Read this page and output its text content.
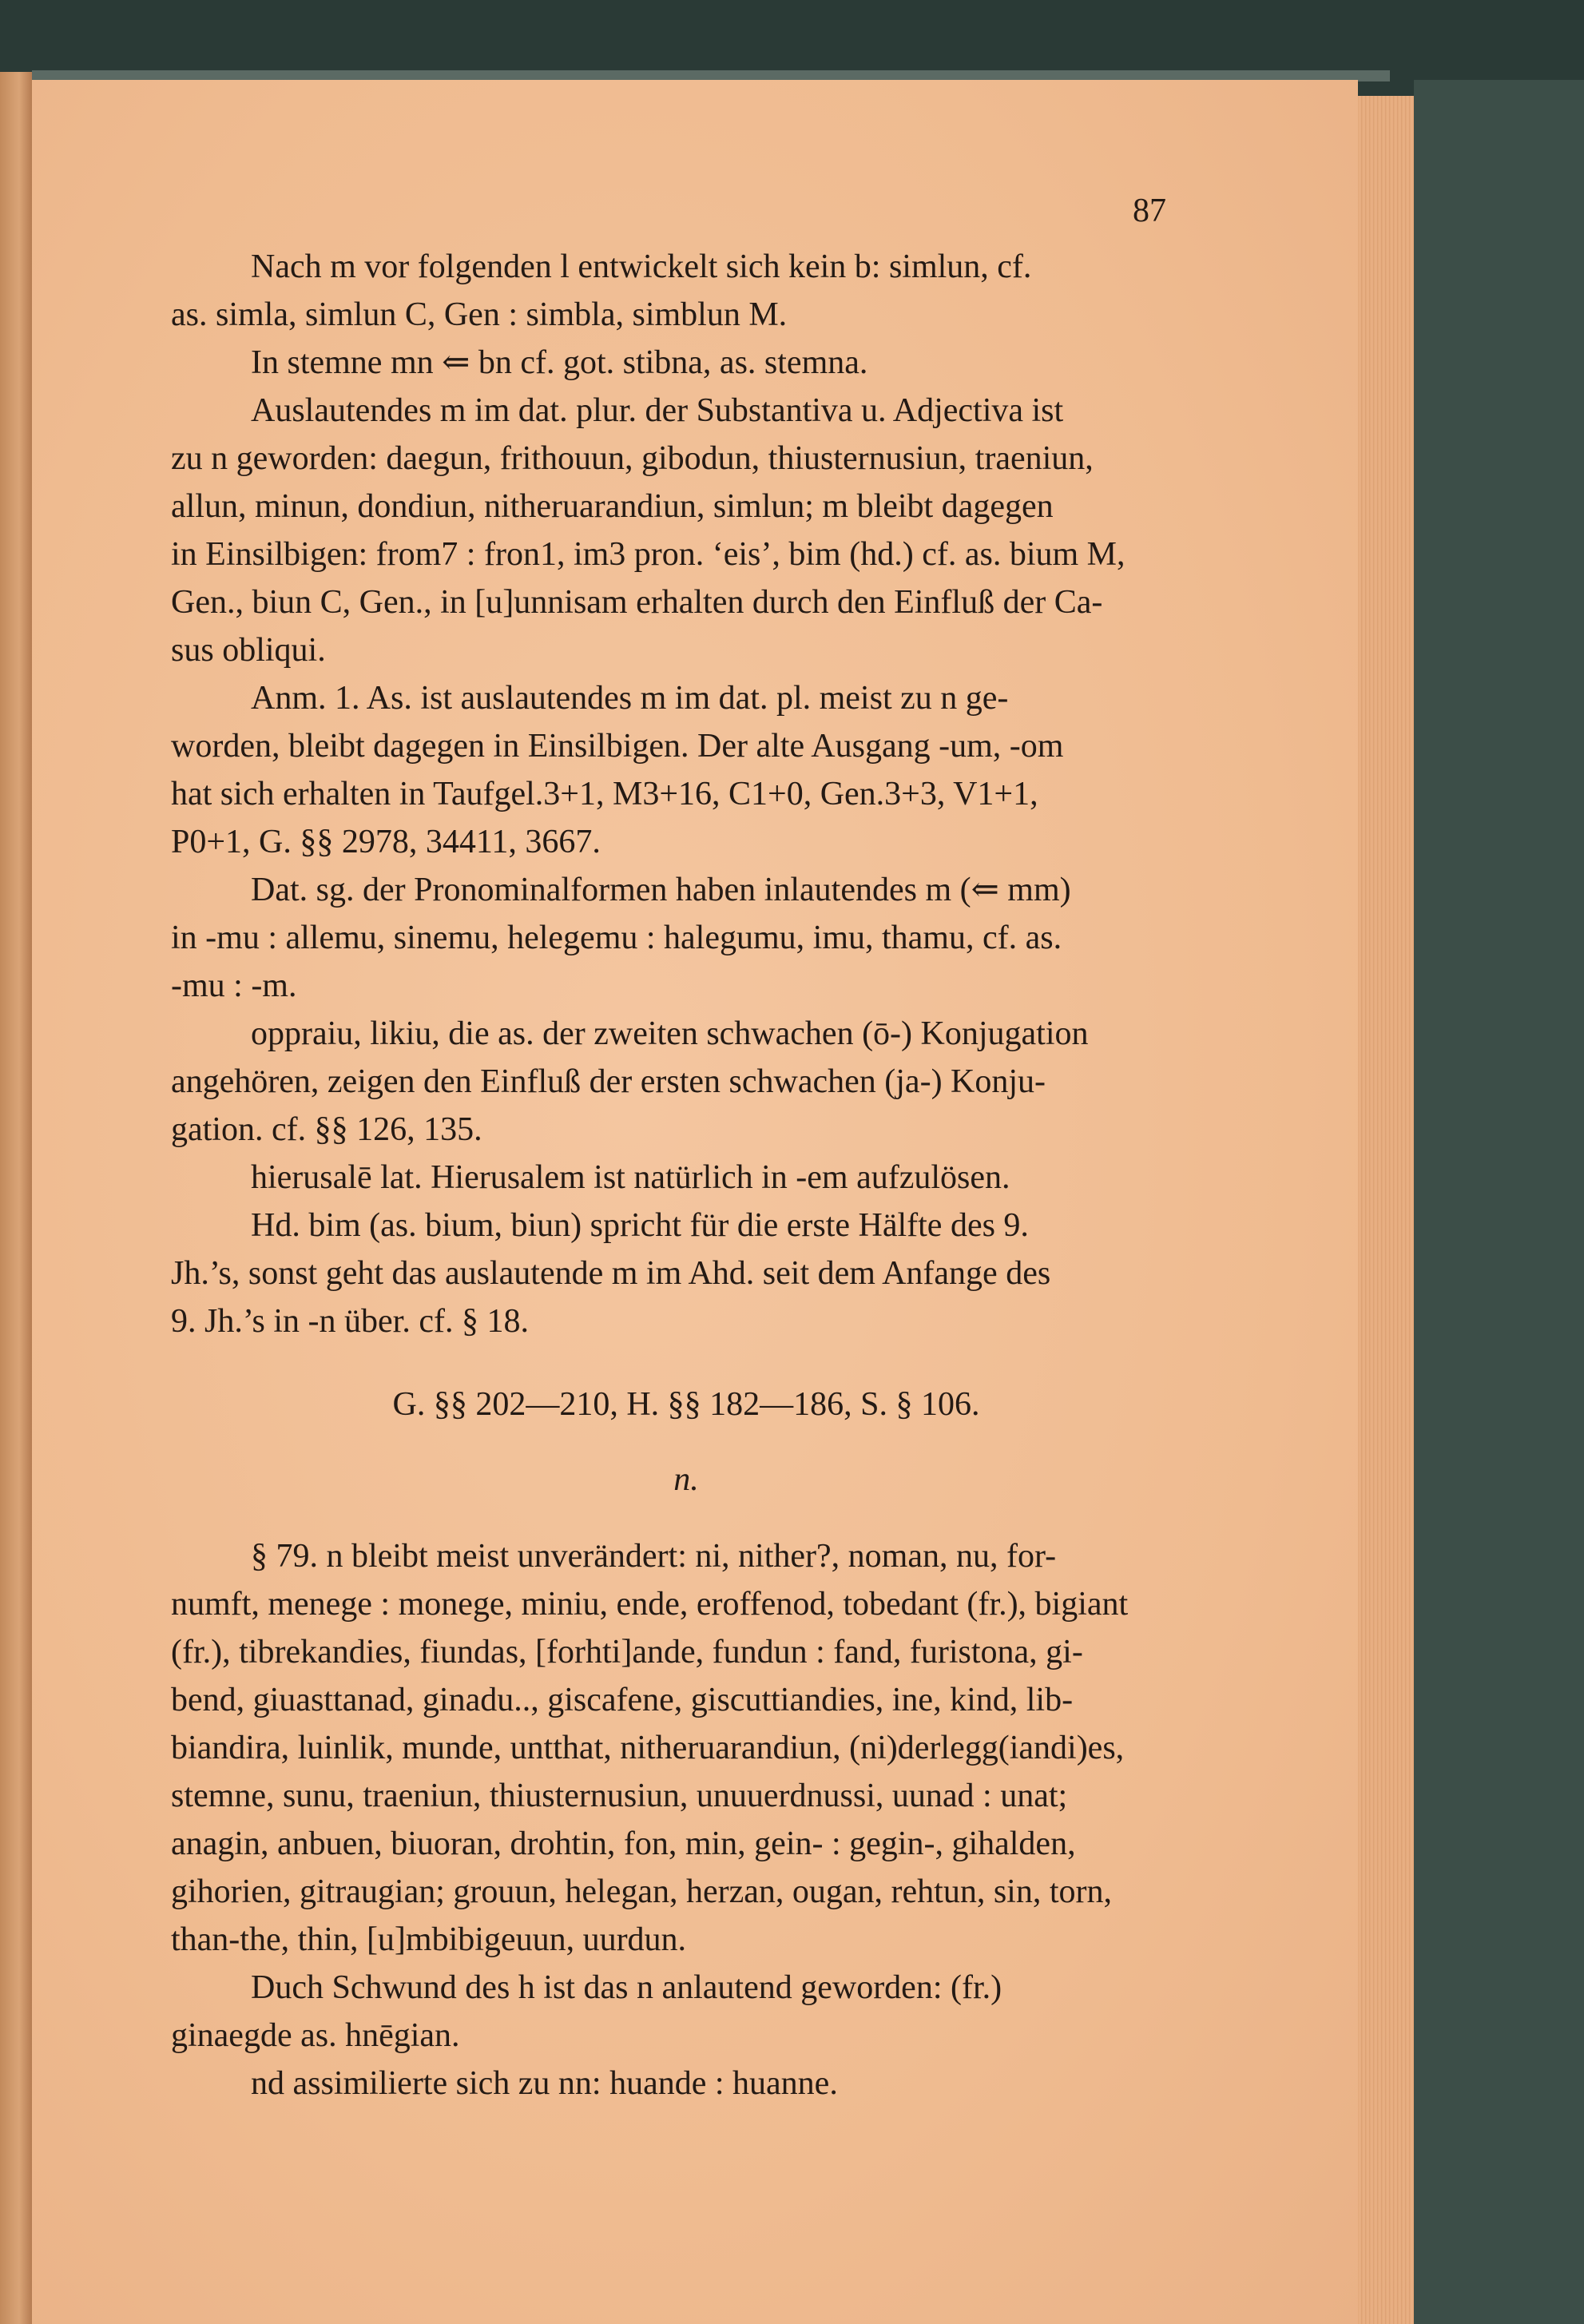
87

Nach m vor folgenden l entwickelt sich kein b: simlun, cf.

as. simla, simlun C, Gen : simbla, simblun M.

In stemne mn ⇐ bn cf. got. stibna, as. stemna.

Auslautendes m im dat. plur. der Substantiva u. Adjectiva ist

zu n geworden: daegun, frithouun, gibodun, thiusternusiun, traeniun,
allun, minun, dondiun, nitheruarandiun, simlun; m bleibt dagegen
in Einsilbigen: from7 : fron1, im3 pron. ‘eis’, bim (hd.) cf. as. bium M,
Gen., biun C, Gen., in [u]unnisam erhalten durch den Einfluß der Ca-
sus obliqui.

Anm. 1. As. ist auslautendes m im dat. pl. meist zu n ge-

worden, bleibt dagegen in Einsilbigen. Der alte Ausgang -um, -om
hat sich erhalten in Taufgel.3+1, M3+16, C1+0, Gen.3+3, V1+1,
P0+1, G. §§ 2978, 34411, 3667.

Dat. sg. der Pronominalformen haben inlautendes m (⇐ mm)

in -mu : allemu, sinemu, helegemu : halegumu, imu, thamu, cf. as.
-mu : -m.

oppraiu, likiu, die as. der zweiten schwachen (ō-) Konjugation

angehören, zeigen den Einfluß der ersten schwachen (ja-) Konju-
gation. cf. §§ 126, 135.

hierusalē lat. Hierusalem ist natürlich in -em aufzulösen.

Hd. bim (as. bium, biun) spricht für die erste Hälfte des 9.

Jh.’s, sonst geht das auslautende m im Ahd. seit dem Anfange des
9. Jh.’s in -n über. cf. § 18.

G. §§ 202—210, H. §§ 182—186, S. § 106.

n.

§ 79. n bleibt meist unverändert: ni, nither?, noman, nu, for-

numft, menege : monege, miniu, ende, eroffenod, tobedant (fr.), bigiant
(fr.), tibrekandies, fiundas, [forhti]ande, fundun : fand, furistona, gi-
bend, giuasttanad, ginadu.., giscafene, giscuttiandies, ine, kind, lib-
biandira, luinlik, munde, untthat, nitheruarandiun, (ni)derlegg(iandi)es,
stemne, sunu, traeniun, thiusternusiun, unuuerdnussi, uunad : unat;
anagin, anbuen, biuoran, drohtin, fon, min, gein- : gegin-, gihalden,
gihorien, gitraugian; grouun, helegan, herzan, ougan, rehtun, sin, torn,
than-the, thin, [u]mbibigeuun, uurdun.

Duch Schwund des h ist das n anlautend geworden: (fr.)

ginaegde as. hnēgian.

nd assimilierte sich zu nn: huande : huanne.
